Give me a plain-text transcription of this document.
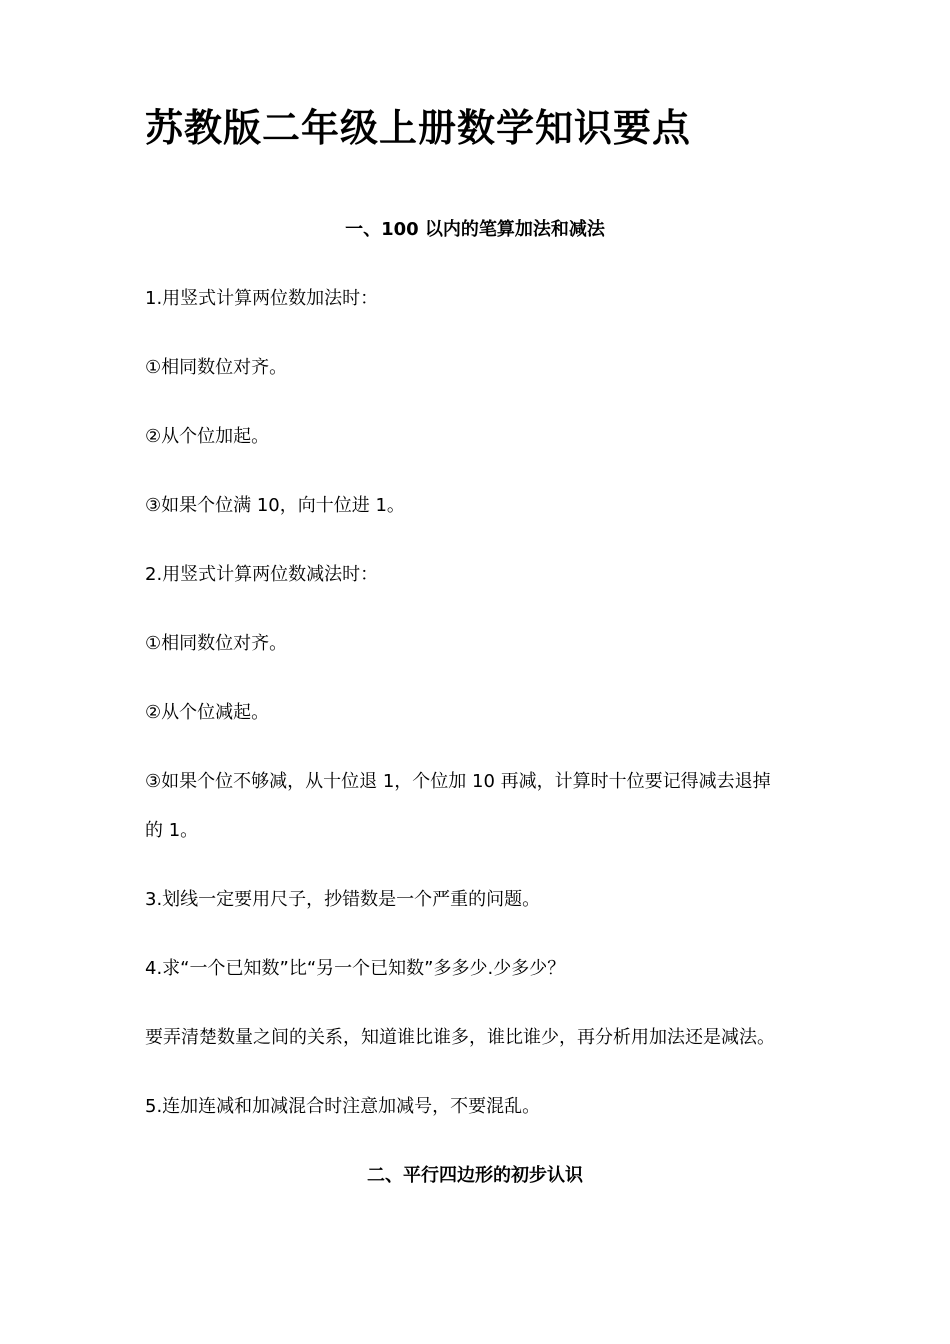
苏教版二年级上册数学知识要点
一、100 以内的笔算加法和减法

1.用竖式计算两位数加法时：

①相同数位对齐。

②从个位加起。

③如果个位满 10，向十位进 1。

2.用竖式计算两位数减法时：

①相同数位对齐。

②从个位减起。

③如果个位不够减，从十位退 1，个位加 10 再减，计算时十位要记得减去退掉

的 1。

3.划线一定要用尺子，抄错数是一个严重的问题。

4.求“一个已知数”比“另一个已知数”多多少.少多少？

要弄清楚数量之间的关系，知道谁比谁多，谁比谁少，再分析用加法还是减法。

5.连加连减和加减混合时注意加减号，不要混乱。

二、平行四边形的初步认识
